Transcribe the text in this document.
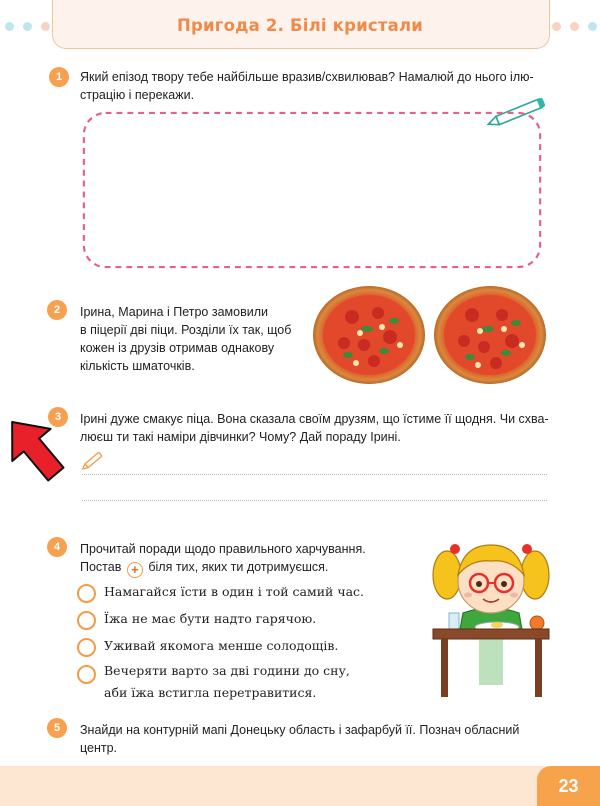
Пригода 2. Білі кристали
1	Який епізод твору тебе найбільше вразив/схвилював? Намалюй до нього ілю-
страцію і перекажи.
2	Ірина, Марина і Петро замовили
в піцерії дві піци. Розділи їх так, щоб
кожен із друзів отримав однакову
кількість шматочків.
3	Ірині дуже смакує піца. Вона сказала своїм друзям, що їстиме її щодня. Чи схва-
люєш ти такі наміри дівчинки? Чому? Дай пораду Ірині.
4	Прочитай поради щодо правильного харчування.
Постав + біля тих, яких ти дотримуєшся.
Намагайся їсти в один і той самий час.
Їжа не має бути надто гарячою.
Уживай якомога менше солодощів.
Вечеряти варто за дві години до сну,
аби їжа встигла перетравитися.
5	Знайди на контурній мапі Донецьку область і зафарбуй її. Познач обласний
центр.
23
